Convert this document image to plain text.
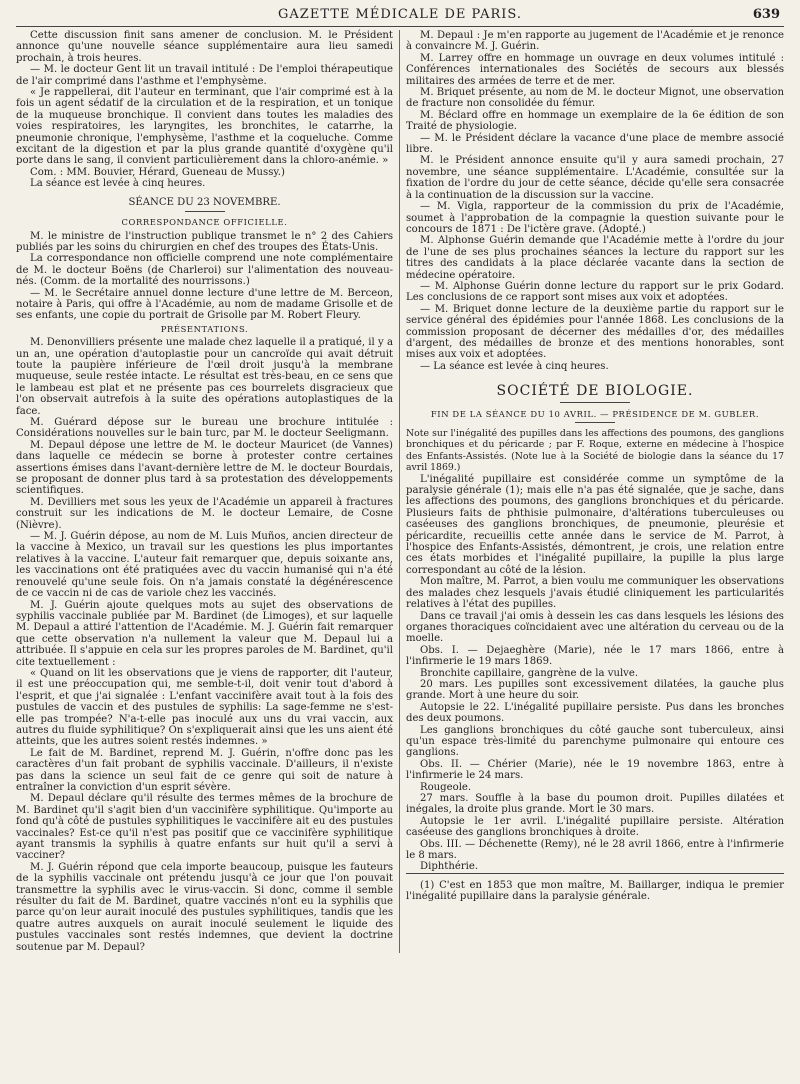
GAZETTE MÉDICALE DE PARIS.	639

Cette discussion finit sans amener de conclusion. M. le Président annonce qu'une nouvelle séance supplémentaire aura lieu samedi prochain, à trois heures.

— M. le docteur Gent lit un travail intitulé : De l'emploi thérapeutique de l'air comprimé dans l'asthme et l'emphysème.

« Je rappellerai, dit l'auteur en terminant, que l'air comprimé est à la fois un agent sédatif de la circulation et de la respiration, et un tonique de la muqueuse bronchique. Il convient dans toutes les maladies des voies respiratoires, les laryngites, les bronchites, le catarrhe, la pneumonie chronique, l'emphysème, l'asthme et la coqueluche. Comme excitant de la digestion et par la plus grande quantité d'oxygène qu'il porte dans le sang, il convient particulièrement dans la chloro-anémie. »

Com. : MM. Bouvier, Hérard, Gueneau de Mussy.)

La séance est levée à cinq heures.

SÉANCE DU 23 NOVEMBRE.

CORRESPONDANCE OFFICIELLE.

M. le ministre de l'instruction publique transmet le n° 2 des Cahiers publiés par les soins du chirurgien en chef des troupes des États-Unis.

La correspondance non officielle comprend une note complémentaire de M. le docteur Boëns (de Charleroi) sur l'alimentation des nouveau-nés. (Comm. de la mortalité des nourrissons.)

— M. le Secrétaire annuel donne lecture d'une lettre de M. Berceon, notaire à Paris, qui offre à l'Académie, au nom de madame Grisolle et de ses enfants, une copie du portrait de Grisolle par M. Robert Fleury.

PRÉSENTATIONS.

M. Denonvilliers présente une malade chez laquelle il a pratiqué, il y a un an, une opération d'autoplastie pour un cancroïde qui avait détruit toute la paupière inférieure de l'œil droit jusqu'à la membrane muqueuse, seule restée intacte. Le résultat est très-beau, en ce sens que le lambeau est plat et ne présente pas ces bourrelets disgracieux que l'on observait autrefois à la suite des opérations autoplastiques de la face.

M. Guérard dépose sur le bureau une brochure intitulée : Considérations nouvelles sur le bain turc, par M. le docteur Seeligmann.

M. Depaul dépose une lettre de M. le docteur Mauricet (de Vannes) dans laquelle ce médecin se borne à protester contre certaines assertions émises dans l'avant-dernière lettre de M. le docteur Bourdais, se proposant de donner plus tard à sa protestation des développements scientifiques.

M. Devilliers met sous les yeux de l'Académie un appareil à fractures construit sur les indications de M. le docteur Lemaire, de Cosne (Nièvre).

— M. J. Guérin dépose, au nom de M. Luis Muños, ancien directeur de la vaccine à Mexico, un travail sur les questions les plus importantes relatives à la vaccine. L'auteur fait remarquer que, depuis soixante ans, les vaccinations ont été pratiquées avec du vaccin humanisé qui n'a été renouvelé qu'une seule fois. On n'a jamais constaté la dégénérescence de ce vaccin ni de cas de variole chez les vaccinés.

M. J. Guérin ajoute quelques mots au sujet des observations de syphilis vaccinale publiée par M. Bardinet (de Limoges), et sur laquelle M. Depaul a attiré l'attention de l'Académie. M. J. Guérin fait remarquer que cette observation n'a nullement la valeur que M. Depaul lui a attribuée. Il s'appuie en cela sur les propres paroles de M. Bardinet, qu'il cite textuellement :

« Quand on lit les observations que je viens de rapporter, dit l'auteur, il est une préoccupation qui, me semble-t-il, doit venir tout d'abord à l'esprit, et que j'ai signalée : L'enfant vaccinifère avait tout à la fois des pustules de vaccin et des pustules de syphilis: La sage-femme ne s'est-elle pas trompée? N'a-t-elle pas inoculé aux uns du vrai vaccin, aux autres du fluide syphilitique? On s'expliquerait ainsi que les uns aient été atteints, que les autres soient restés indemnes. »

Le fait de M. Bardinet, reprend M. J. Guérin, n'offre donc pas les caractères d'un fait probant de syphilis vaccinale. D'ailleurs, il n'existe pas dans la science un seul fait de ce genre qui soit de nature à entraîner la conviction d'un esprit sévère.

M. Depaul déclare qu'il résulte des termes mêmes de la brochure de M. Bardinet qu'il s'agit bien d'un vaccinifère syphilitique. Qu'importe au fond qu'à côté de pustules syphilitiques le vaccinifère ait eu des pustules vaccinales? Est-ce qu'il n'est pas positif que ce vaccinifère syphilitique ayant transmis la syphilis à quatre enfants sur huit qu'il a servi à vacciner?

M. J. Guérin répond que cela importe beaucoup, puisque les fauteurs de la syphilis vaccinale ont prétendu jusqu'à ce jour que l'on pouvait transmettre la syphilis avec le virus-vaccin. Si donc, comme il semble résulter du fait de M. Bardinet, quatre vaccinés n'ont eu la syphilis que parce qu'on leur aurait inoculé des pustules syphilitiques, tandis que les quatre autres auxquels on aurait inoculé seulement le liquide des pustules vaccinales sont restés indemnes, que devient la doctrine soutenue par M. Depaul?

M. Depaul : Je m'en rapporte au jugement de l'Académie et je renonce à convaincre M. J. Guérin.

M. Larrey offre en hommage un ouvrage en deux volumes intitulé : Conférences internationales des Sociétés de secours aux blessés militaires des armées de terre et de mer.

M. Briquet présente, au nom de M. le docteur Mignot, une observation de fracture non consolidée du fémur.

M. Béclard offre en hommage un exemplaire de la 6e édition de son Traité de physiologie.

— M. le Président déclare la vacance d'une place de membre associé libre.

M. le Président annonce ensuite qu'il y aura samedi prochain, 27 novembre, une séance supplémentaire. L'Académie, consultée sur la fixation de l'ordre du jour de cette séance, décide qu'elle sera consacrée à la continuation de la discussion sur la vaccine.

— M. Vigla, rapporteur de la commission du prix de l'Académie, soumet à l'approbation de la compagnie la question suivante pour le concours de 1871 : De l'ictère grave. (Adopté.)

M. Alphonse Guérin demande que l'Académie mette à l'ordre du jour de l'une de ses plus prochaines séances la lecture du rapport sur les titres des candidats à la place déclarée vacante dans la section de médecine opératoire.

— M. Alphonse Guérin donne lecture du rapport sur le prix Godard. Les conclusions de ce rapport sont mises aux voix et adoptées.

— M. Briquet donne lecture de la deuxième partie du rapport sur le service général des épidémies pour l'année 1868. Les conclusions de la commission proposant de décerner des médailles d'or, des médailles d'argent, des médailles de bronze et des mentions honorables, sont mises aux voix et adoptées.

— La séance est levée à cinq heures.

SOCIÉTÉ DE BIOLOGIE.

FIN DE LA SÉANCE DU 10 AVRIL. — PRÉSIDENCE DE M. GUBLER.

Note sur l'inégalité des pupilles dans les affections des poumons, des ganglions bronchiques et du péricarde ; par F. Roque, externe en médecine à l'hospice des Enfants-Assistés. (Note lue à la Société de biologie dans la séance du 17 avril 1869.)

L'inégalité pupillaire est considérée comme un symptôme de la paralysie générale (1); mais elle n'a pas été signalée, que je sache, dans les affections des poumons, des ganglions bronchiques et du péricarde. Plusieurs faits de phthisie pulmonaire, d'altérations tuberculeuses ou caséeuses des ganglions bronchiques, de pneumonie, pleurésie et péricardite, recueillis cette année dans le service de M. Parrot, à l'hospice des Enfants-Assistés, démontrent, je crois, une relation entre ces états morbides et l'inégalité pupillaire, la pupille la plus large correspondant au côté de la lésion.

Mon maître, M. Parrot, a bien voulu me communiquer les observations des malades chez lesquels j'avais étudié cliniquement les particularités relatives à l'état des pupilles.

Dans ce travail j'ai omis à dessein les cas dans lesquels les lésions des organes thoraciques coïncidaient avec une altération du cerveau ou de la moelle.

Obs. I. — Dejaeghère (Marie), née le 17 mars 1866, entre à l'infirmerie le 19 mars 1869.

Bronchite capillaire, gangrène de la vulve.

20 mars. Les pupilles sont excessivement dilatées, la gauche plus grande. Mort à une heure du soir.

Autopsie le 22. L'inégalité pupillaire persiste. Pus dans les bronches des deux poumons.

Les ganglions bronchiques du côté gauche sont tuberculeux, ainsi qu'un espace très-limité du parenchyme pulmonaire qui entoure ces ganglions.

Obs. II. — Chérier (Marie), née le 19 novembre 1863, entre à l'infirmerie le 24 mars.

Rougeole.

27 mars. Souffle à la base du poumon droit. Pupilles dilatées et inégales, la droite plus grande. Mort le 30 mars.

Autopsie le 1er avril. L'inégalité pupillaire persiste. Altération caséeuse des ganglions bronchiques à droite.

Obs. III. — Déchenette (Remy), né le 28 avril 1866, entre à l'infirmerie le 8 mars.

Diphthérie.

(1) C'est en 1853 que mon maître, M. Baillarger, indiqua le premier l'inégalité pupillaire dans la paralysie générale.
